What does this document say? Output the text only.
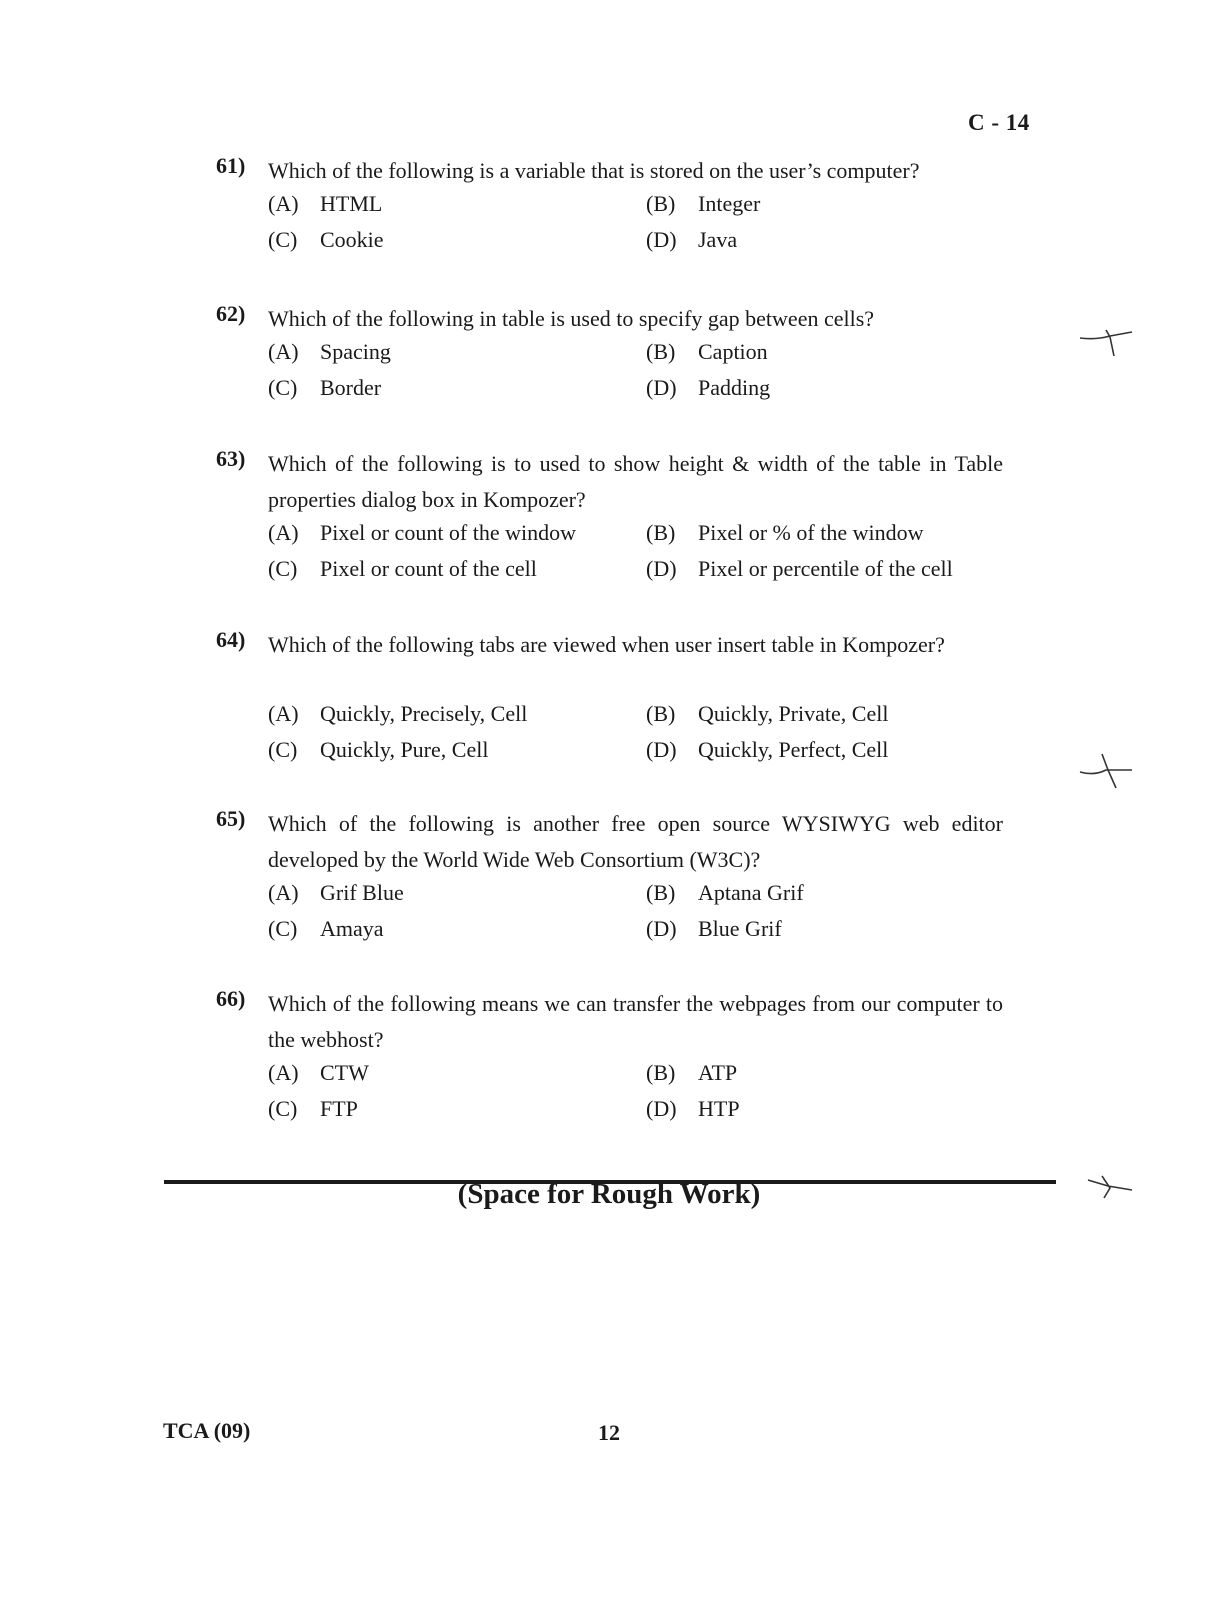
C - 14
61) Which of the following is a variable that is stored on the user’s computer?
(A) HTML	(B) Integer
(C) Cookie	(D) Java
62) Which of the following in table is used to specify gap between cells?
(A) Spacing	(B) Caption
(C) Border	(D) Padding
63) Which of the following is to used to show height & width of the table in Table properties dialog box in Kompozer?
(A) Pixel or count of the window	(B) Pixel or % of the window
(C) Pixel or count of the cell	(D) Pixel or percentile of the cell
64) Which of the following tabs are viewed when user insert table in Kompozer?
(A) Quickly, Precisely, Cell	(B) Quickly, Private, Cell
(C) Quickly, Pure, Cell	(D) Quickly, Perfect, Cell
65) Which of the following is another free open source WYSIWYG web editor developed by the World Wide Web Consortium (W3C)?
(A) Grif Blue	(B) Aptana Grif
(C) Amaya	(D) Blue Grif
66) Which of the following means we can transfer the webpages from our computer to the webhost?
(A) CTW	(B) ATP
(C) FTP	(D) HTP
(Space for Rough Work)
TCA (09)	12
